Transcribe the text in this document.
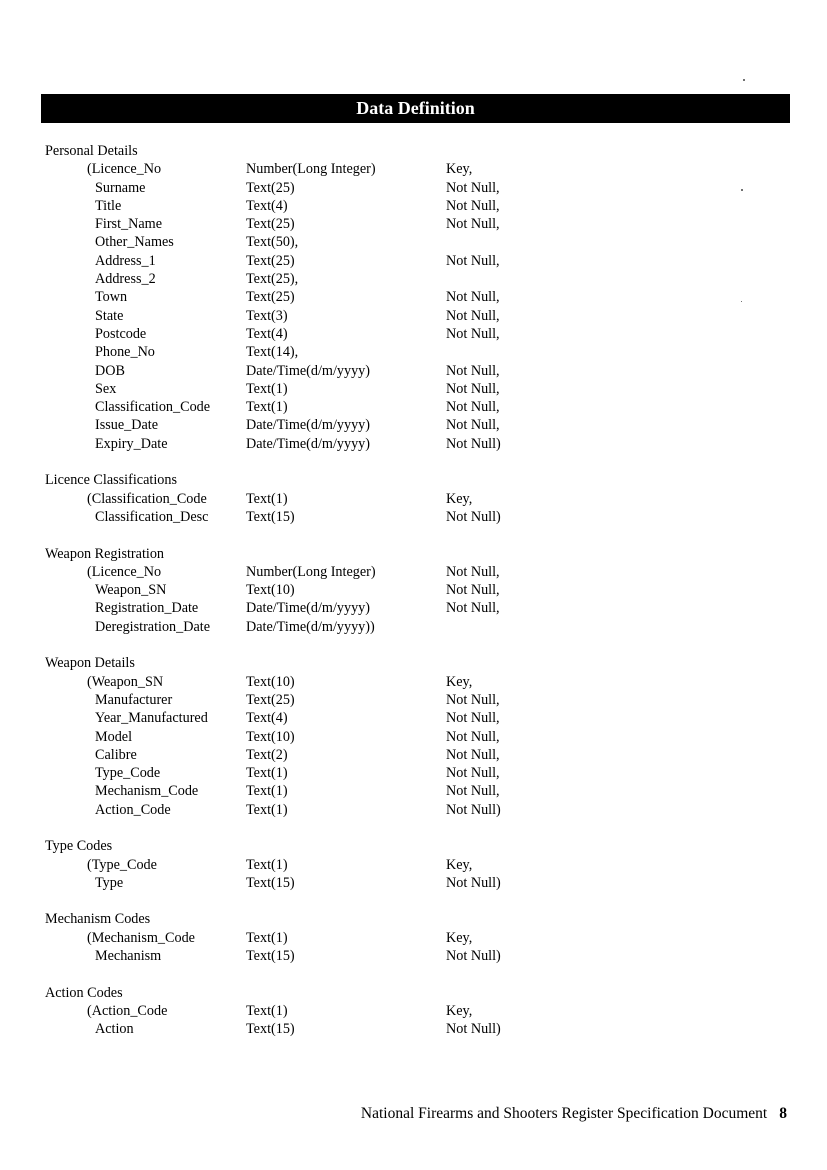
Data Definition
Personal Details
(Licence_No	Number(Long Integer)	Key,
Surname	Text(25)	Not Null,
Title	Text(4)	Not Null,
First_Name	Text(25)	Not Null,
Other_Names	Text(50),
Address_1	Text(25)	Not Null,
Address_2	Text(25),
Town	Text(25)	Not Null,
State	Text(3)	Not Null,
Postcode	Text(4)	Not Null,
Phone_No	Text(14),
DOB	Date/Time(d/m/yyyy)	Not Null,
Sex	Text(1)	Not Null,
Classification_Code	Text(1)	Not Null,
Issue_Date	Date/Time(d/m/yyyy)	Not Null,
Expiry_Date	Date/Time(d/m/yyyy)	Not Null)
Licence Classifications
(Classification_Code	Text(1)	Key,
Classification_Desc	Text(15)	Not Null)
Weapon Registration
(Licence_No	Number(Long Integer)	Not Null,
Weapon_SN	Text(10)	Not Null,
Registration_Date	Date/Time(d/m/yyyy)	Not Null,
Deregistration_Date	Date/Time(d/m/yyyy))
Weapon Details
(Weapon_SN	Text(10)	Key,
Manufacturer	Text(25)	Not Null,
Year_Manufactured	Text(4)	Not Null,
Model	Text(10)	Not Null,
Calibre	Text(2)	Not Null,
Type_Code	Text(1)	Not Null,
Mechanism_Code	Text(1)	Not Null,
Action_Code	Text(1)	Not Null)
Type Codes
(Type_Code	Text(1)	Key,
Type	Text(15)	Not Null)
Mechanism Codes
(Mechanism_Code	Text(1)	Key,
Mechanism	Text(15)	Not Null)
Action Codes
(Action_Code	Text(1)	Key,
Action	Text(15)	Not Null)
National Firearms and Shooters Register Specification Document 8
